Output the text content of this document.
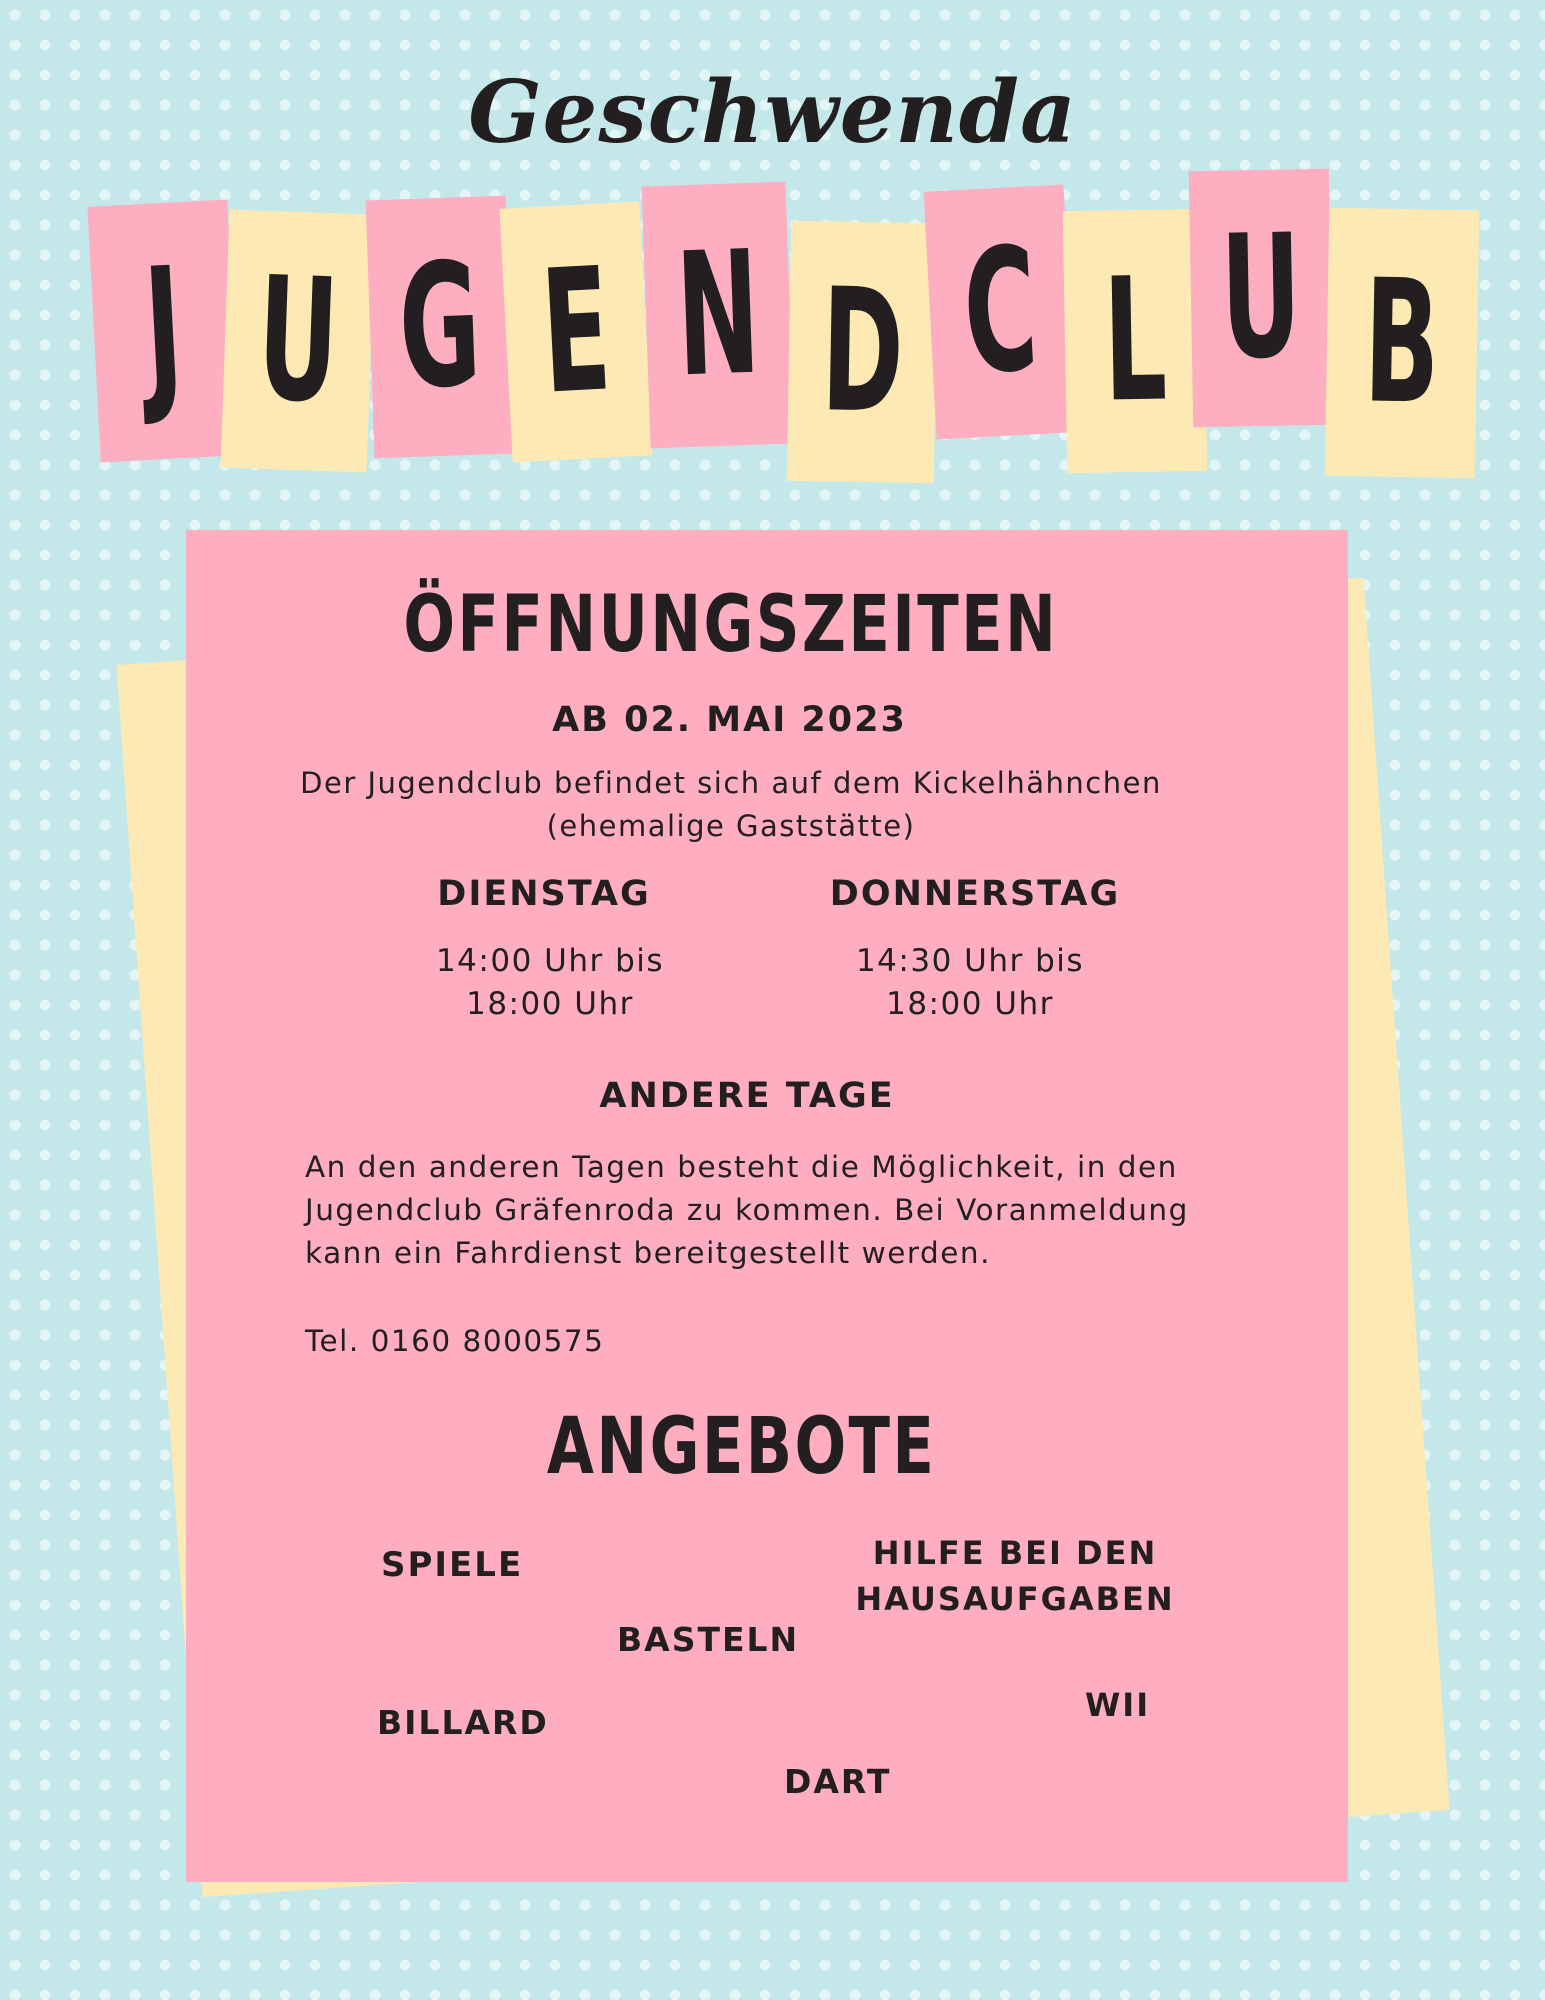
Geschwenda
J U G E N D C L U B
ÖFFNUNGSZEITEN
AB 02. MAI 2023
Der Jugendclub befindet sich auf dem Kickelhähnchen
(ehemalige Gaststätte)
DIENSTAG
14:00 Uhr bis
18:00 Uhr
DONNERSTAG
14:30 Uhr bis
18:00 Uhr
ANDERE TAGE
An den anderen Tagen besteht die Möglichkeit, in den
Jugendclub Gräfenroda zu kommen. Bei Voranmeldung
kann ein Fahrdienst bereitgestellt werden.
Tel. 0160 8000575
ANGEBOTE
SPIELE	HILFE BEI DEN
HAUSAUFGABEN
BASTELN
WII
BILLARD
DART
